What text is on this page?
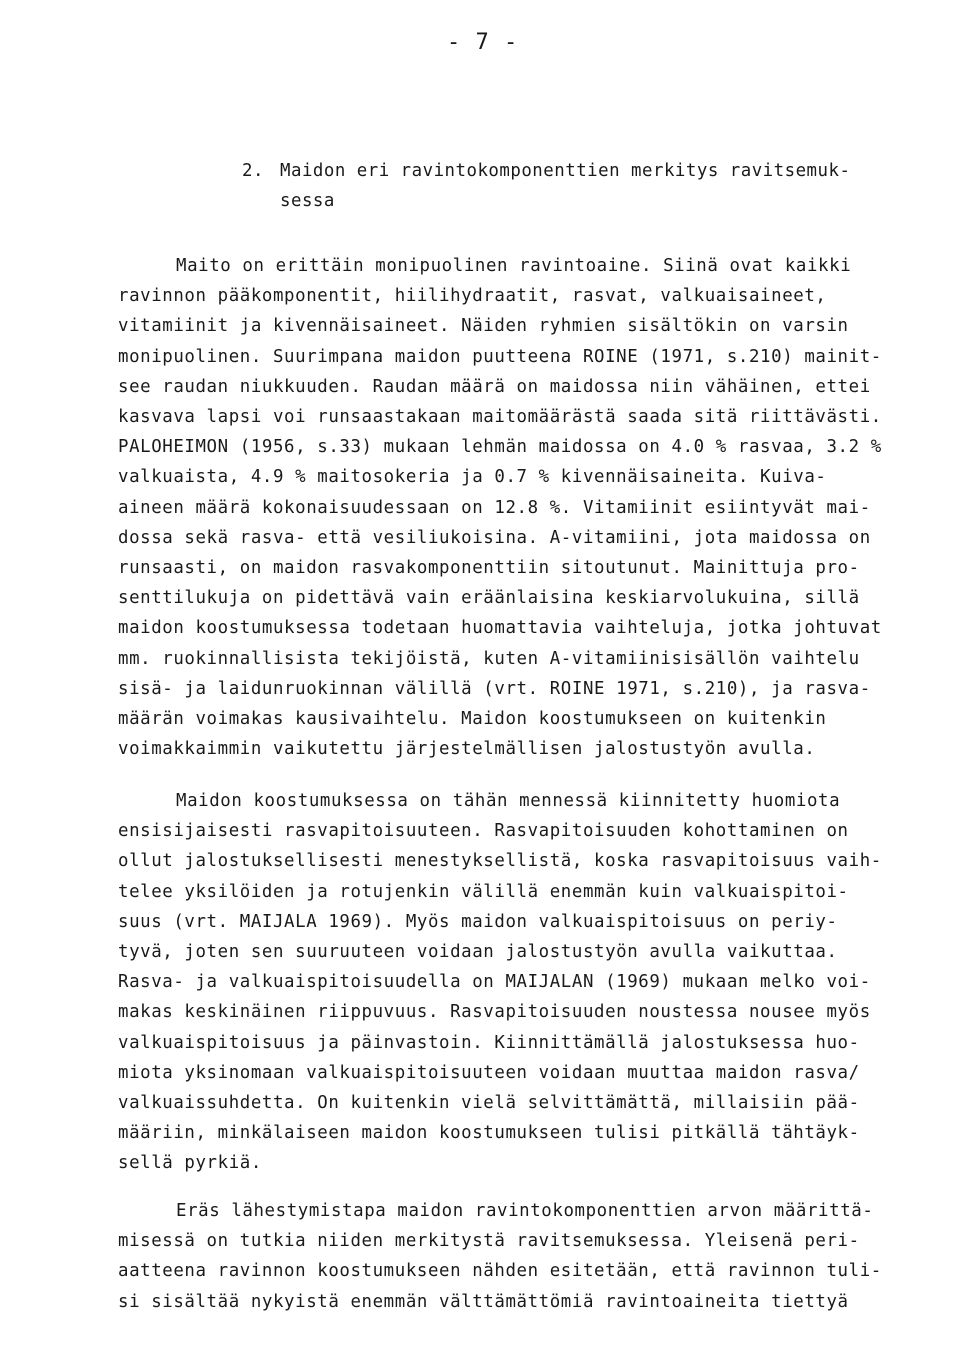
- 7 -
2. Maidon eri ravintokomponenttien merkitys ravitsemuk-
sessa
Maito on erittäin monipuolinen ravintoaine. Siinä ovat kaikki
ravinnon pääkomponentit, hiilihydraatit, rasvat, valkuaisaineet,
vitamiinit ja kivennäisaineet. Näiden ryhmien sisältökin on varsin
monipuolinen. Suurimpana maidon puutteena ROINE (1971, s.210) mainit-
see raudan niukkuuden. Raudan määrä on maidossa niin vähäinen, ettei
kasvava lapsi voi runsaastakaan maitomäärästä saada sitä riittävästi.
PALOHEIMON (1956, s.33) mukaan lehmän maidossa on 4.0 % rasvaa, 3.2 %
valkuaista, 4.9 % maitosokeria ja 0.7 % kivennäisaineita. Kuiva-
aineen määrä kokonaisuudessaan on 12.8 %. Vitamiinit esiintyvät mai-
dossa sekä rasva- että vesiliukoisina. A-vitamiini, jota maidossa on
runsaasti, on maidon rasvakomponenttiin sitoutunut. Mainittuja pro-
senttilukuja on pidettävä vain eräänlaisina keskiarvolukuina, sillä
maidon koostumuksessa todetaan huomattavia vaihteluja, jotka johtuvat
mm. ruokinnallisista tekijöistä, kuten A-vitamiinisisällön vaihtelu
sisä- ja laidunruokinnan välillä (vrt. ROINE 1971, s.210), ja rasva-
määrän voimakas kausivaihtelu. Maidon koostumukseen on kuitenkin
voimakkaimmin vaikutettu järjestelmällisen jalostustyön avulla.
Maidon koostumuksessa on tähän mennessä kiinnitetty huomiota
ensisijaisesti rasvapitoisuuteen. Rasvapitoisuuden kohottaminen on
ollut jalostuksellisesti menestyksellistä, koska rasvapitoisuus vaih-
telee yksilöiden ja rotujenkin välillä enemmän kuin valkuaispitoi-
suus (vrt. MAIJALA 1969). Myös maidon valkuaispitoisuus on periy-
tyvä, joten sen suuruuteen voidaan jalostustyön avulla vaikuttaa.
Rasva- ja valkuaispitoisuudella on MAIJALAN (1969) mukaan melko voi-
makas keskinäinen riippuvuus. Rasvapitoisuuden noustessa nousee myös
valkuaispitoisuus ja päinvastoin. Kiinnittämällä jalostuksessa huo-
miota yksinomaan valkuaispitoisuuteen voidaan muuttaa maidon rasva/
valkuaissuhdetta. On kuitenkin vielä selvittämättä, millaisiin pää-
määriin, minkälaiseen maidon koostumukseen tulisi pitkällä tähtäyk-
sellä pyrkiä.
Eräs lähestymistapa maidon ravintokomponenttien arvon määrittä-
misessä on tutkia niiden merkitystä ravitsemuksessa. Yleisenä peri-
aatteena ravinnon koostumukseen nähden esitetään, että ravinnon tuli-
si sisältää nykyistä enemmän välttämättömiä ravintoaineita tiettyä
